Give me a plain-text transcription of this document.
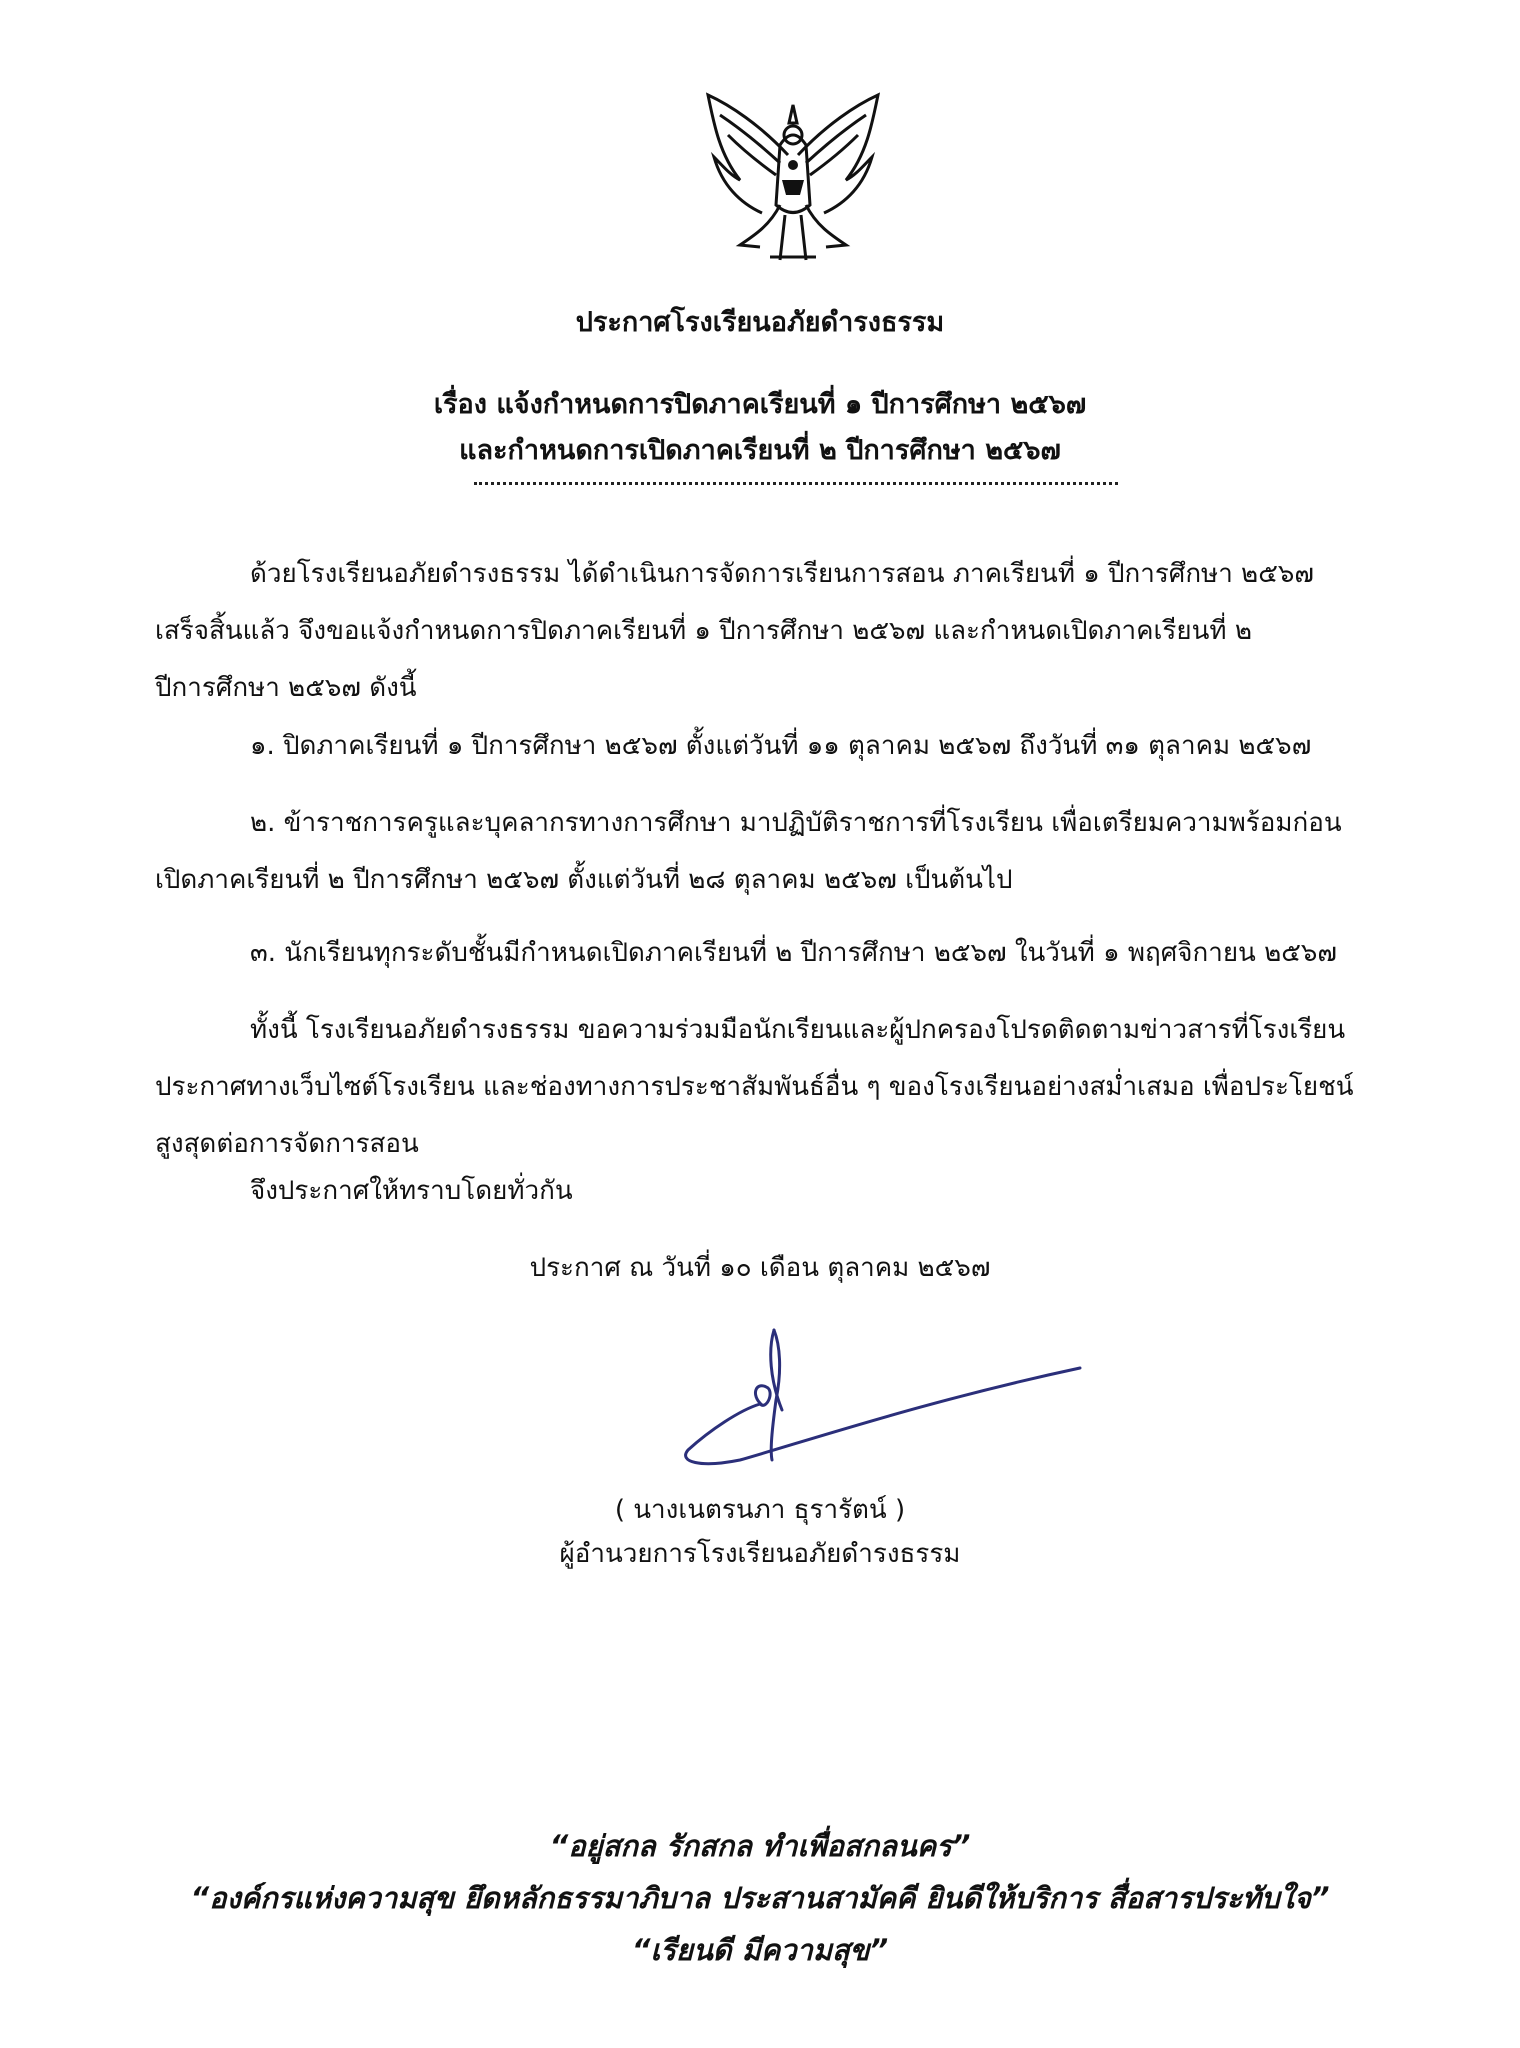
ประกาศโรงเรียนอภัยดำรงธรรม
เรื่อง แจ้งกำหนดการปิดภาคเรียนที่ ๑ ปีการศึกษา ๒๕๖๗
และกำหนดการเปิดภาคเรียนที่ ๒ ปีการศึกษา ๒๕๖๗
ด้วยโรงเรียนอภัยดำรงธรรม ได้ดำเนินการจัดการเรียนการสอน ภาคเรียนที่ ๑ ปีการศึกษา ๒๕๖๗
เสร็จสิ้นแล้ว จึงขอแจ้งกำหนดการปิดภาคเรียนที่ ๑ ปีการศึกษา ๒๕๖๗ และกำหนดเปิดภาคเรียนที่ ๒
ปีการศึกษา ๒๕๖๗ ดังนี้
๑. ปิดภาคเรียนที่ ๑ ปีการศึกษา ๒๕๖๗ ตั้งแต่วันที่ ๑๑ ตุลาคม ๒๕๖๗ ถึงวันที่ ๓๑ ตุลาคม ๒๕๖๗
๒. ข้าราชการครูและบุคลากรทางการศึกษา มาปฏิบัติราชการที่โรงเรียน เพื่อเตรียมความพร้อมก่อน
เปิดภาคเรียนที่ ๒ ปีการศึกษา ๒๕๖๗ ตั้งแต่วันที่ ๒๘ ตุลาคม ๒๕๖๗ เป็นต้นไป
๓. นักเรียนทุกระดับชั้นมีกำหนดเปิดภาคเรียนที่ ๒ ปีการศึกษา ๒๕๖๗ ในวันที่ ๑ พฤศจิกายน ๒๕๖๗
ทั้งนี้ โรงเรียนอภัยดำรงธรรม ขอความร่วมมือนักเรียนและผู้ปกครองโปรดติดตามข่าวสารที่โรงเรียน
ประกาศทางเว็บไซต์โรงเรียน และช่องทางการประชาสัมพันธ์อื่น ๆ ของโรงเรียนอย่างสม่ำเสมอ เพื่อประโยชน์
สูงสุดต่อการจัดการสอน
จึงประกาศให้ทราบโดยทั่วกัน
ประกาศ ณ วันที่ ๑๐ เดือน ตุลาคม ๒๕๖๗
( นางเนตรนภา ธุรารัตน์ )
ผู้อำนวยการโรงเรียนอภัยดำรงธรรม
“อยู่สกล รักสกล ทำเพื่อสกลนคร”
“องค์กรแห่งความสุข ยึดหลักธรรมาภิบาล ประสานสามัคคี ยินดีให้บริการ สื่อสารประทับใจ”
“เรียนดี มีความสุข”
